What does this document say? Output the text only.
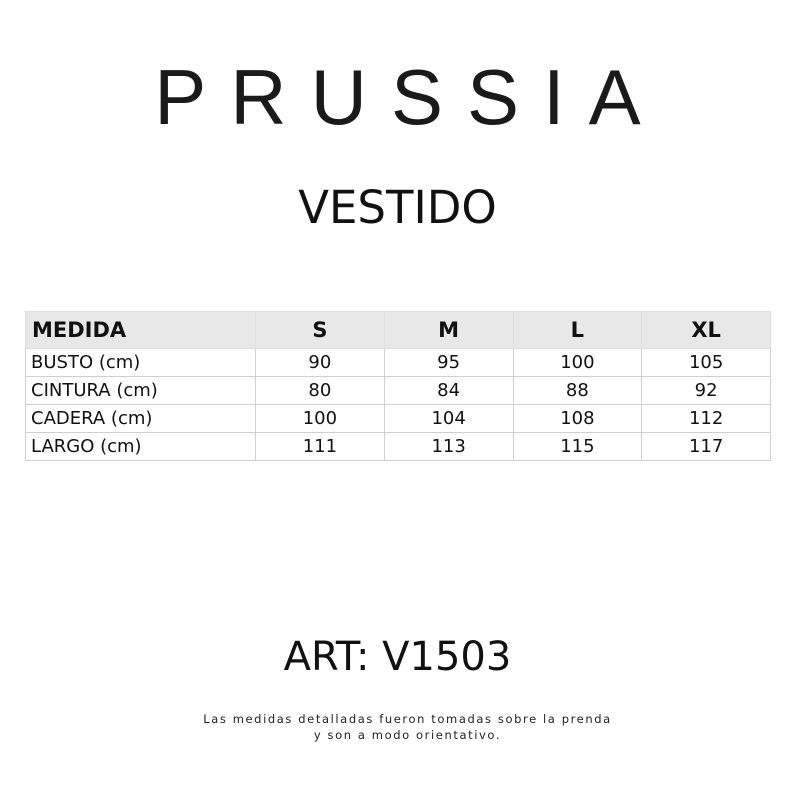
PRUSSIA
VESTIDO
MEDIDA	S	M	L	XL
BUSTO (cm)	90	95	100	105
CINTURA (cm)	80	84	88	92
CADERA (cm)	100	104	108	112
LARGO (cm)	111	113	115	117
ART: V1503
Las medidas detalladas fueron tomadas sobre la prenda
y son a modo orientativo.
